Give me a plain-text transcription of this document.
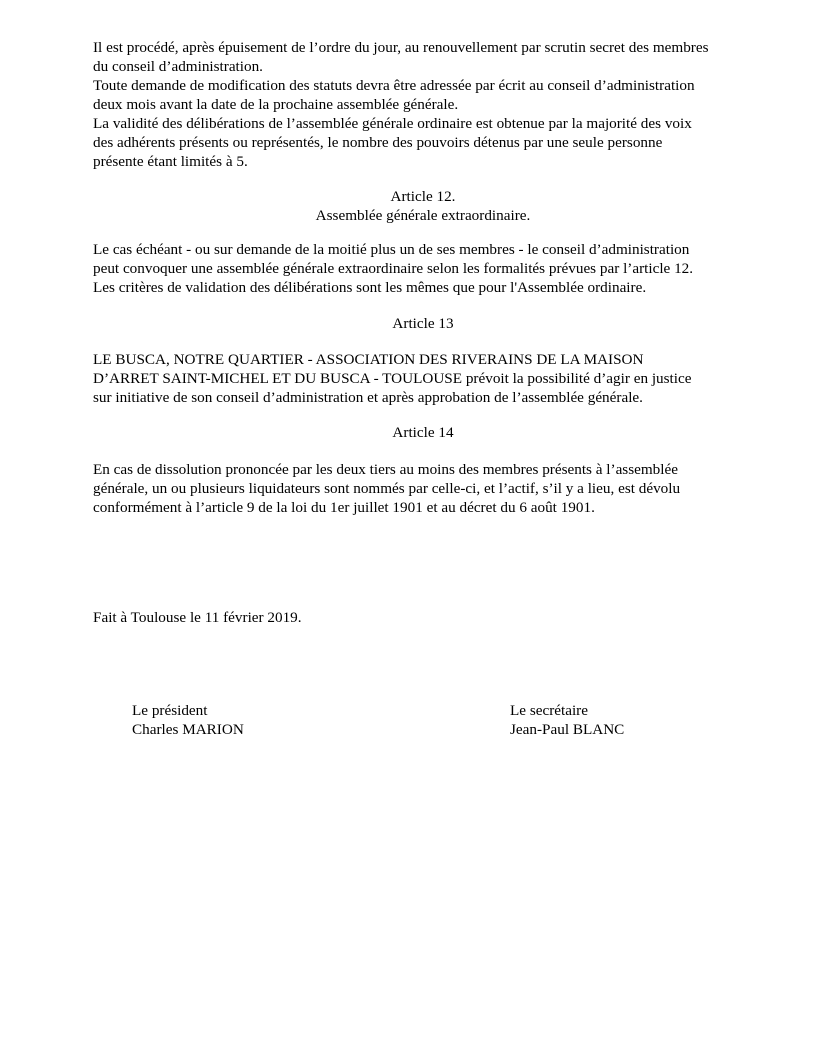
Il est procédé, après épuisement de l’ordre du jour, au renouvellement par scrutin secret des membres
du conseil d’administration.
Toute demande de modification des statuts devra être adressée par écrit au conseil d’administration
deux mois avant la date de la prochaine assemblée générale.
La validité des délibérations de l’assemblée générale ordinaire est obtenue par la majorité des voix
des adhérents présents ou représentés, le nombre des pouvoirs détenus par une seule personne
présente étant limités à 5.
Article 12.
Assemblée générale extraordinaire.
Le cas échéant - ou sur demande de la moitié plus un de ses membres - le conseil d’administration
peut convoquer une assemblée générale extraordinaire selon les formalités prévues par l’article 12.
Les critères de validation des délibérations sont les mêmes que pour l'Assemblée ordinaire.
Article 13
LE BUSCA, NOTRE QUARTIER - ASSOCIATION DES RIVERAINS DE LA MAISON
D’ARRET SAINT-MICHEL ET DU BUSCA - TOULOUSE prévoit la possibilité d’agir en justice
sur initiative de son conseil d’administration et après approbation de l’assemblée générale.
Article 14
En cas de dissolution prononcée par les deux tiers au moins des membres présents à l’assemblée
générale, un ou plusieurs liquidateurs sont nommés par celle-ci, et l’actif, s’il y a lieu, est dévolu
conformément à l’article 9 de la loi du 1er juillet 1901 et au décret du 6 août 1901.
Fait à Toulouse le 11 février 2019.
Le président
Charles MARION
Le secrétaire
Jean-Paul BLANC
